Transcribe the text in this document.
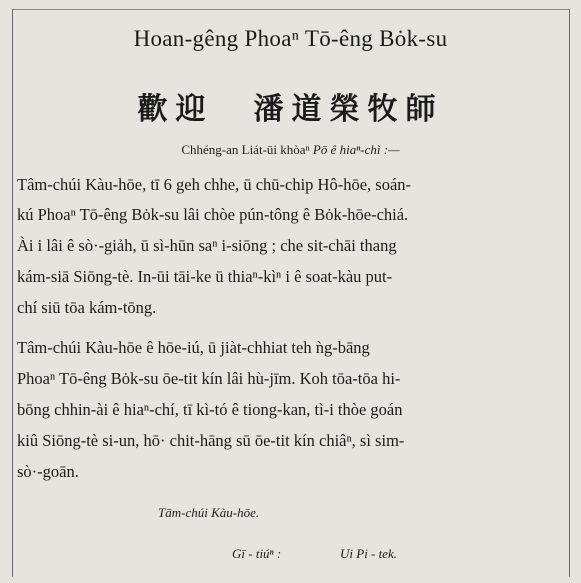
Hoan-gêng Phoaⁿ Tō-êng Bȯk-su
歡迎 潘道榮牧師
Chhéng-an Liát-ūi khòaⁿ Pō ê hiaⁿ-chì :—
Tâm-chúi Kàu-hōe, tī 6 geh chhe, ū chū-chip Hô-hōe, soán-
kú Phoaⁿ Tō-êng Bȯk-su lâi chòe pún-tông ê Bȯk-hōe-chiá.
Ài i lâi ê sò·-giảh, ū sì-hūn saⁿ i-siōng ; che sit-chāi thang
kám-siā Siōng-tè. In-ūi tāi-ke ū thiaⁿ-kìⁿ i ê soat-kàu put-
chí siū tōa kám-tōng.
Tâm-chúi Kàu-hōe ê hōe-iú, ū jiàt-chhiat teh ǹg-bāng
Phoaⁿ Tō-êng Bȯk-su ōe-tit kín lâi hù-jīm. Koh tōa-tōa hi-
bōng chhin-ài ê hiaⁿ-chí, tī kì-tó ê tiong-kan, tì-i thòe goán
kiû Siōng-tè si-un, hō· chit-hāng sū ōe-tit kín chiâⁿ, sì sim-
sò·-goān.
Tām-chúi Kàu-hōe.
Gī - tiúⁿ :	Ui Pi - tek.
